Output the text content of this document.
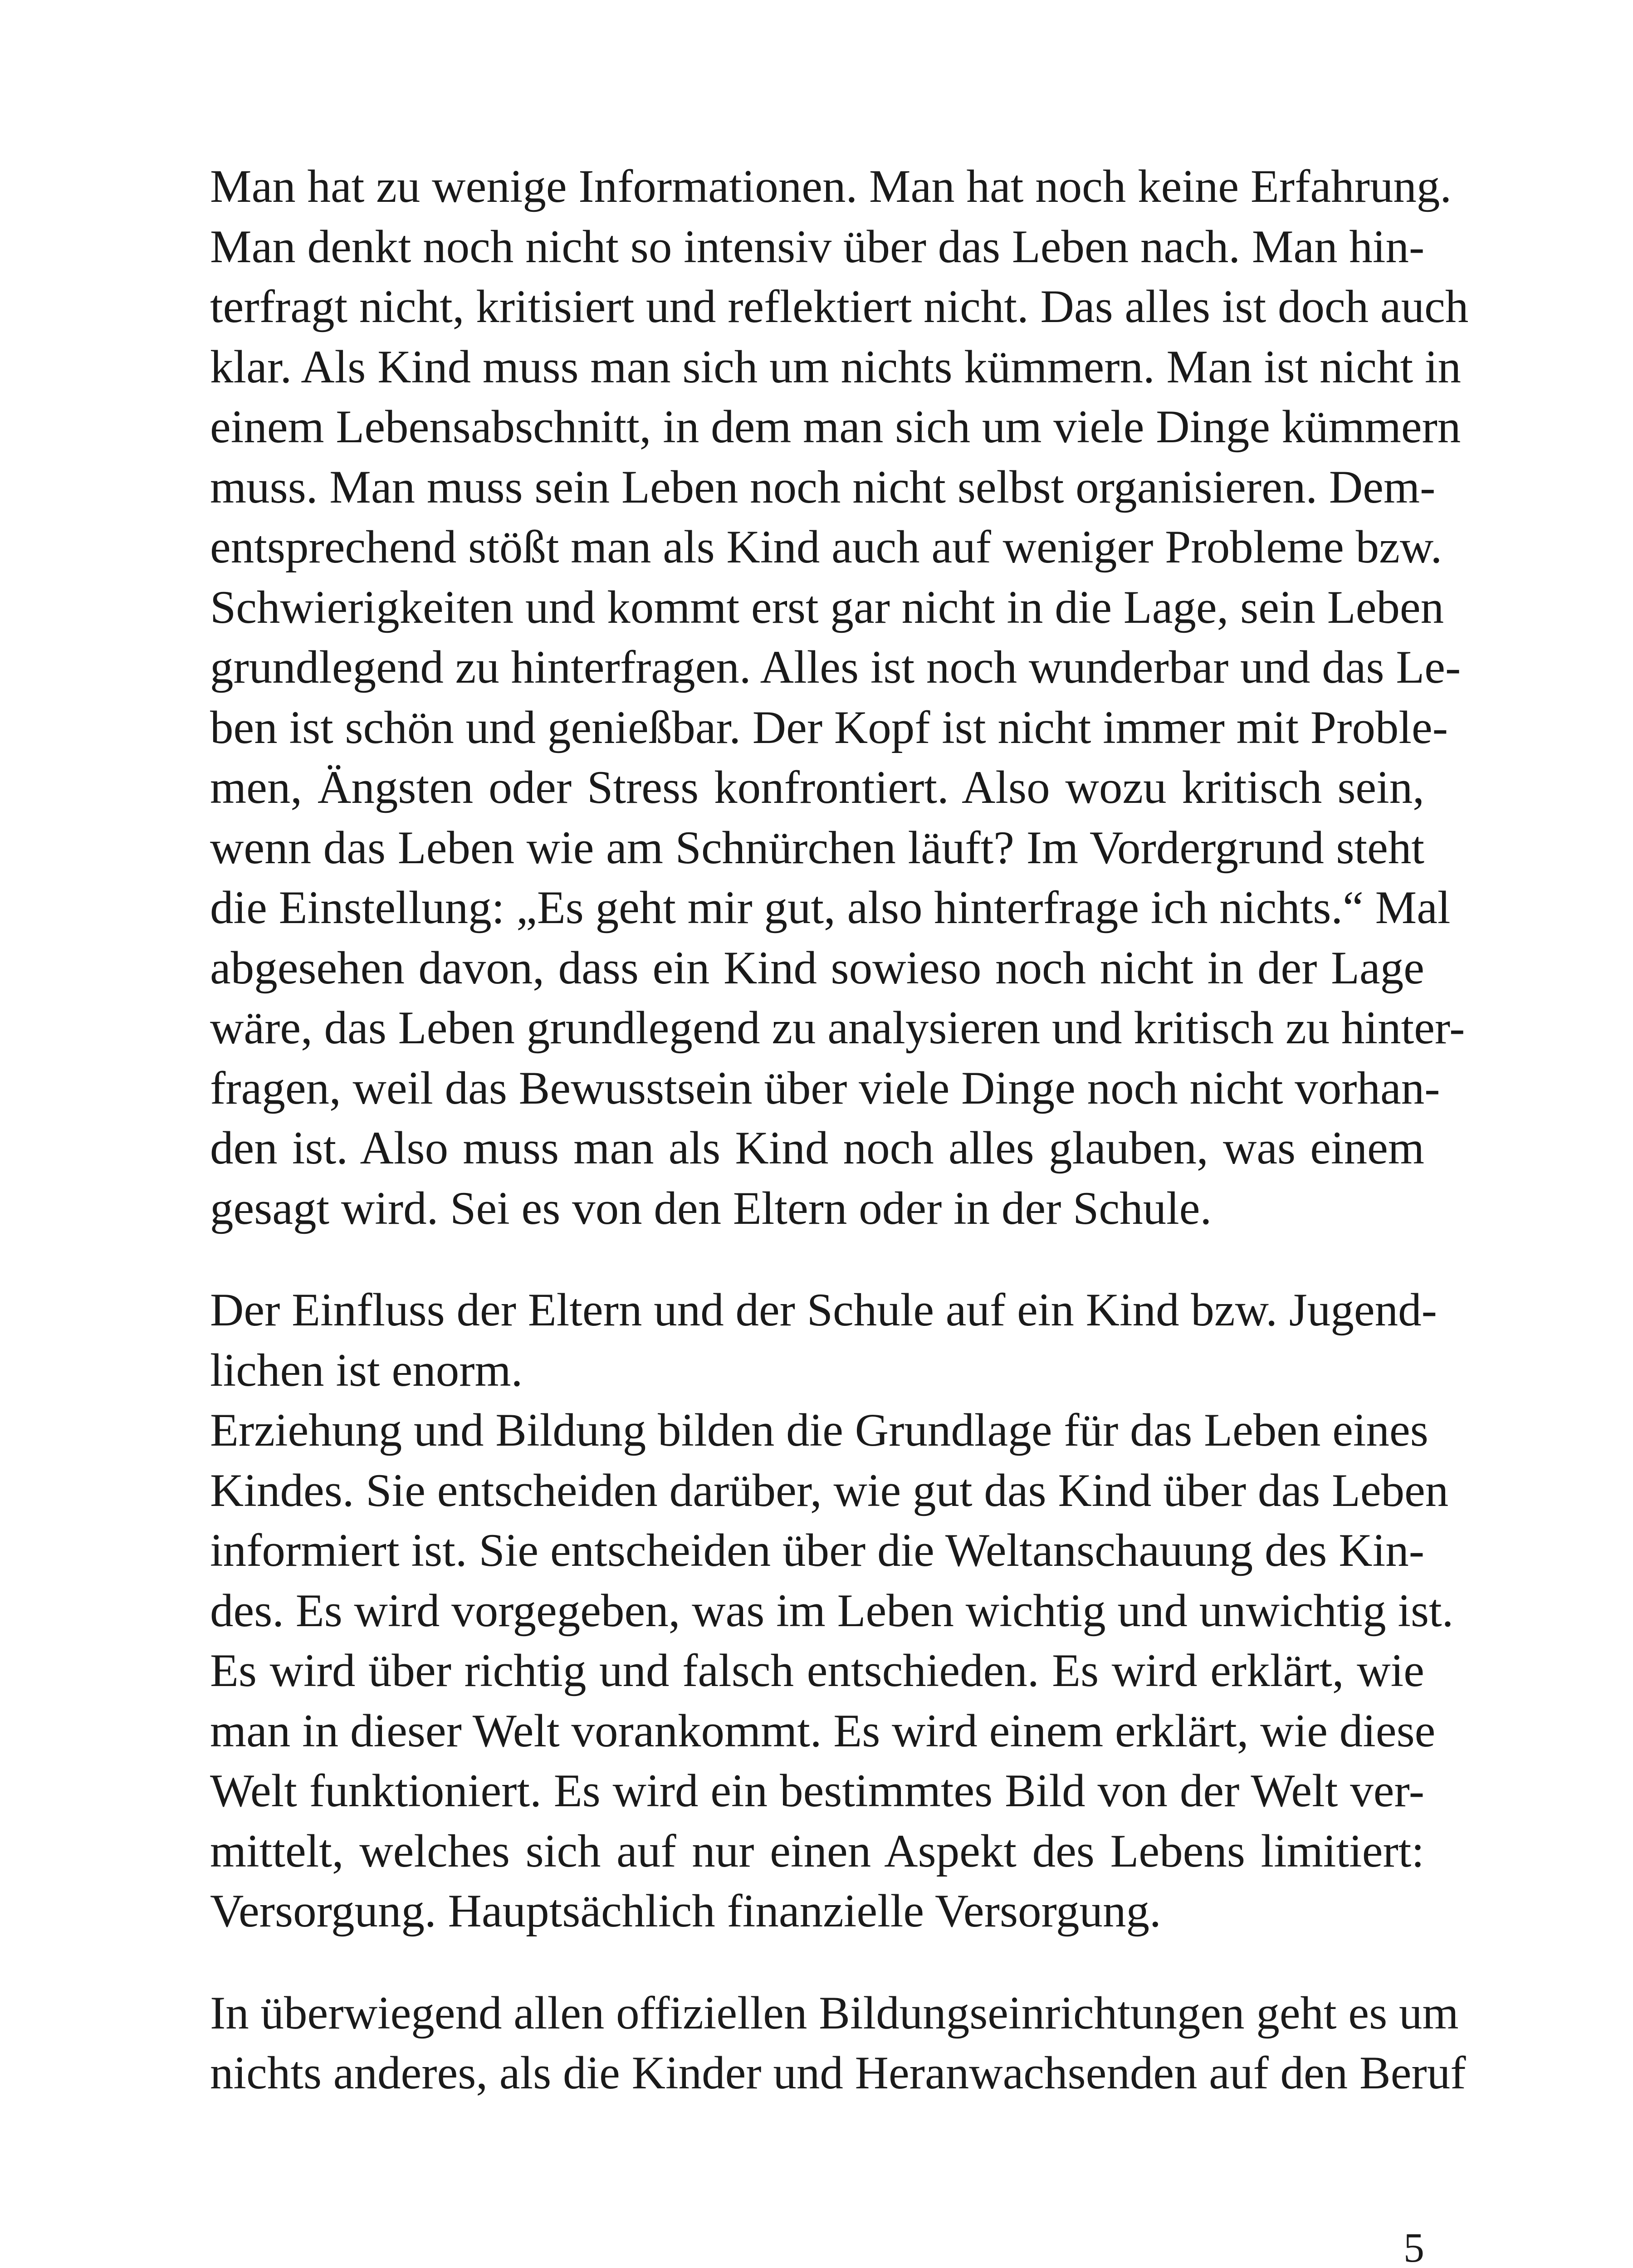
Man hat zu wenige Informationen. Man hat noch keine Erfahrung.
Man denkt noch nicht so intensiv über das Leben nach. Man hin-
terfragt nicht, kritisiert und reflektiert nicht. Das alles ist doch auch
klar. Als Kind muss man sich um nichts kümmern. Man ist nicht in
einem Lebensabschnitt, in dem man sich um viele Dinge kümmern
muss. Man muss sein Leben noch nicht selbst organisieren. Dem-
entsprechend stößt man als Kind auch auf weniger Probleme bzw.
Schwierigkeiten und kommt erst gar nicht in die Lage, sein Leben
grundlegend zu hinterfragen. Alles ist noch wunderbar und das Le-
ben ist schön und genießbar. Der Kopf ist nicht immer mit Proble-
men, Ängsten oder Stress konfrontiert. Also wozu kritisch sein,
wenn das Leben wie am Schnürchen läuft? Im Vordergrund steht
die Einstellung: „Es geht mir gut, also hinterfrage ich nichts.“ Mal
abgesehen davon, dass ein Kind sowieso noch nicht in der Lage
wäre, das Leben grundlegend zu analysieren und kritisch zu hinter-
fragen, weil das Bewusstsein über viele Dinge noch nicht vorhan-
den ist. Also muss man als Kind noch alles glauben, was einem
gesagt wird. Sei es von den Eltern oder in der Schule.
Der Einfluss der Eltern und der Schule auf ein Kind bzw. Jugend-
lichen ist enorm.
Erziehung und Bildung bilden die Grundlage für das Leben eines
Kindes. Sie entscheiden darüber, wie gut das Kind über das Leben
informiert ist. Sie entscheiden über die Weltanschauung des Kin-
des. Es wird vorgegeben, was im Leben wichtig und unwichtig ist.
Es wird über richtig und falsch entschieden. Es wird erklärt, wie
man in dieser Welt vorankommt. Es wird einem erklärt, wie diese
Welt funktioniert. Es wird ein bestimmtes Bild von der Welt ver-
mittelt, welches sich auf nur einen Aspekt des Lebens limitiert:
Versorgung. Hauptsächlich finanzielle Versorgung.
In überwiegend allen offiziellen Bildungseinrichtungen geht es um
nichts anderes, als die Kinder und Heranwachsenden auf den Beruf
5
